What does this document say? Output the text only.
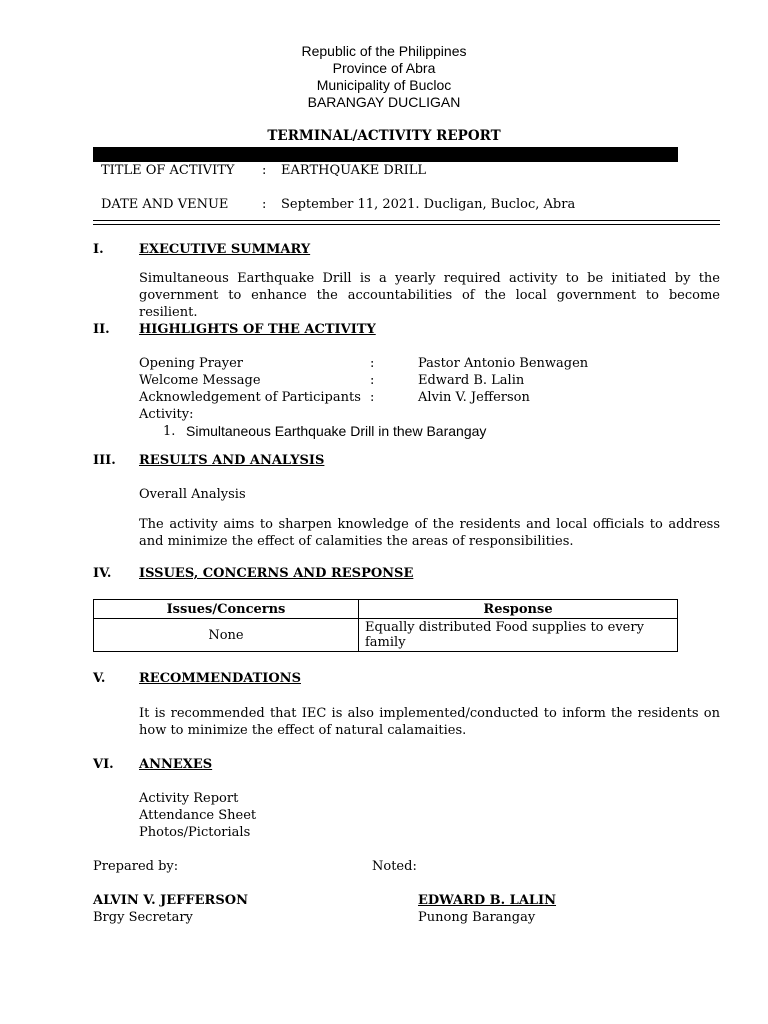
Republic of the Philippines
Province of Abra
Municipality of Bucloc
BARANGAY DUCLIGAN
TERMINAL/ACTIVITY REPORT
TITLE OF ACTIVITY : EARTHQUAKE DRILL
DATE AND VENUE	: September 11, 2021. Ducligan, Bucloc, Abra
I.	EXECUTIVE SUMMARY
Simultaneous Earthquake Drill is a yearly required activity to be initiated by the government to enhance the accountabilities of the local government to become resilient.
II. HIGHLIGHTS OF THE ACTIVITY
Opening Prayer	:	Pastor Antonio Benwagen
Welcome Message	:	Edward B. Lalin
Acknowledgement of Participants :	Alvin V. Jefferson
Activity:
1. Simultaneous Earthquake Drill in thew Barangay
III. RESULTS AND ANALYSIS
Overall Analysis
The activity aims to sharpen knowledge of the residents and local officials to address and minimize the effect of calamities the areas of responsibilities.
IV. ISSUES, CONCERNS AND RESPONSE
Issues/Concerns	Response
None	Equally distributed Food supplies to every family
V.	RECOMMENDATIONS
It is recommended that IEC is also implemented/conducted to inform the residents on how to minimize the effect of natural calamaities.
VI. ANNEXES
Activity Report
Attendance Sheet
Photos/Pictorials
Prepared by:	Noted:
ALVIN V. JEFFERSON
Brgy Secretary
EDWARD B. LALIN
Punong Barangay
